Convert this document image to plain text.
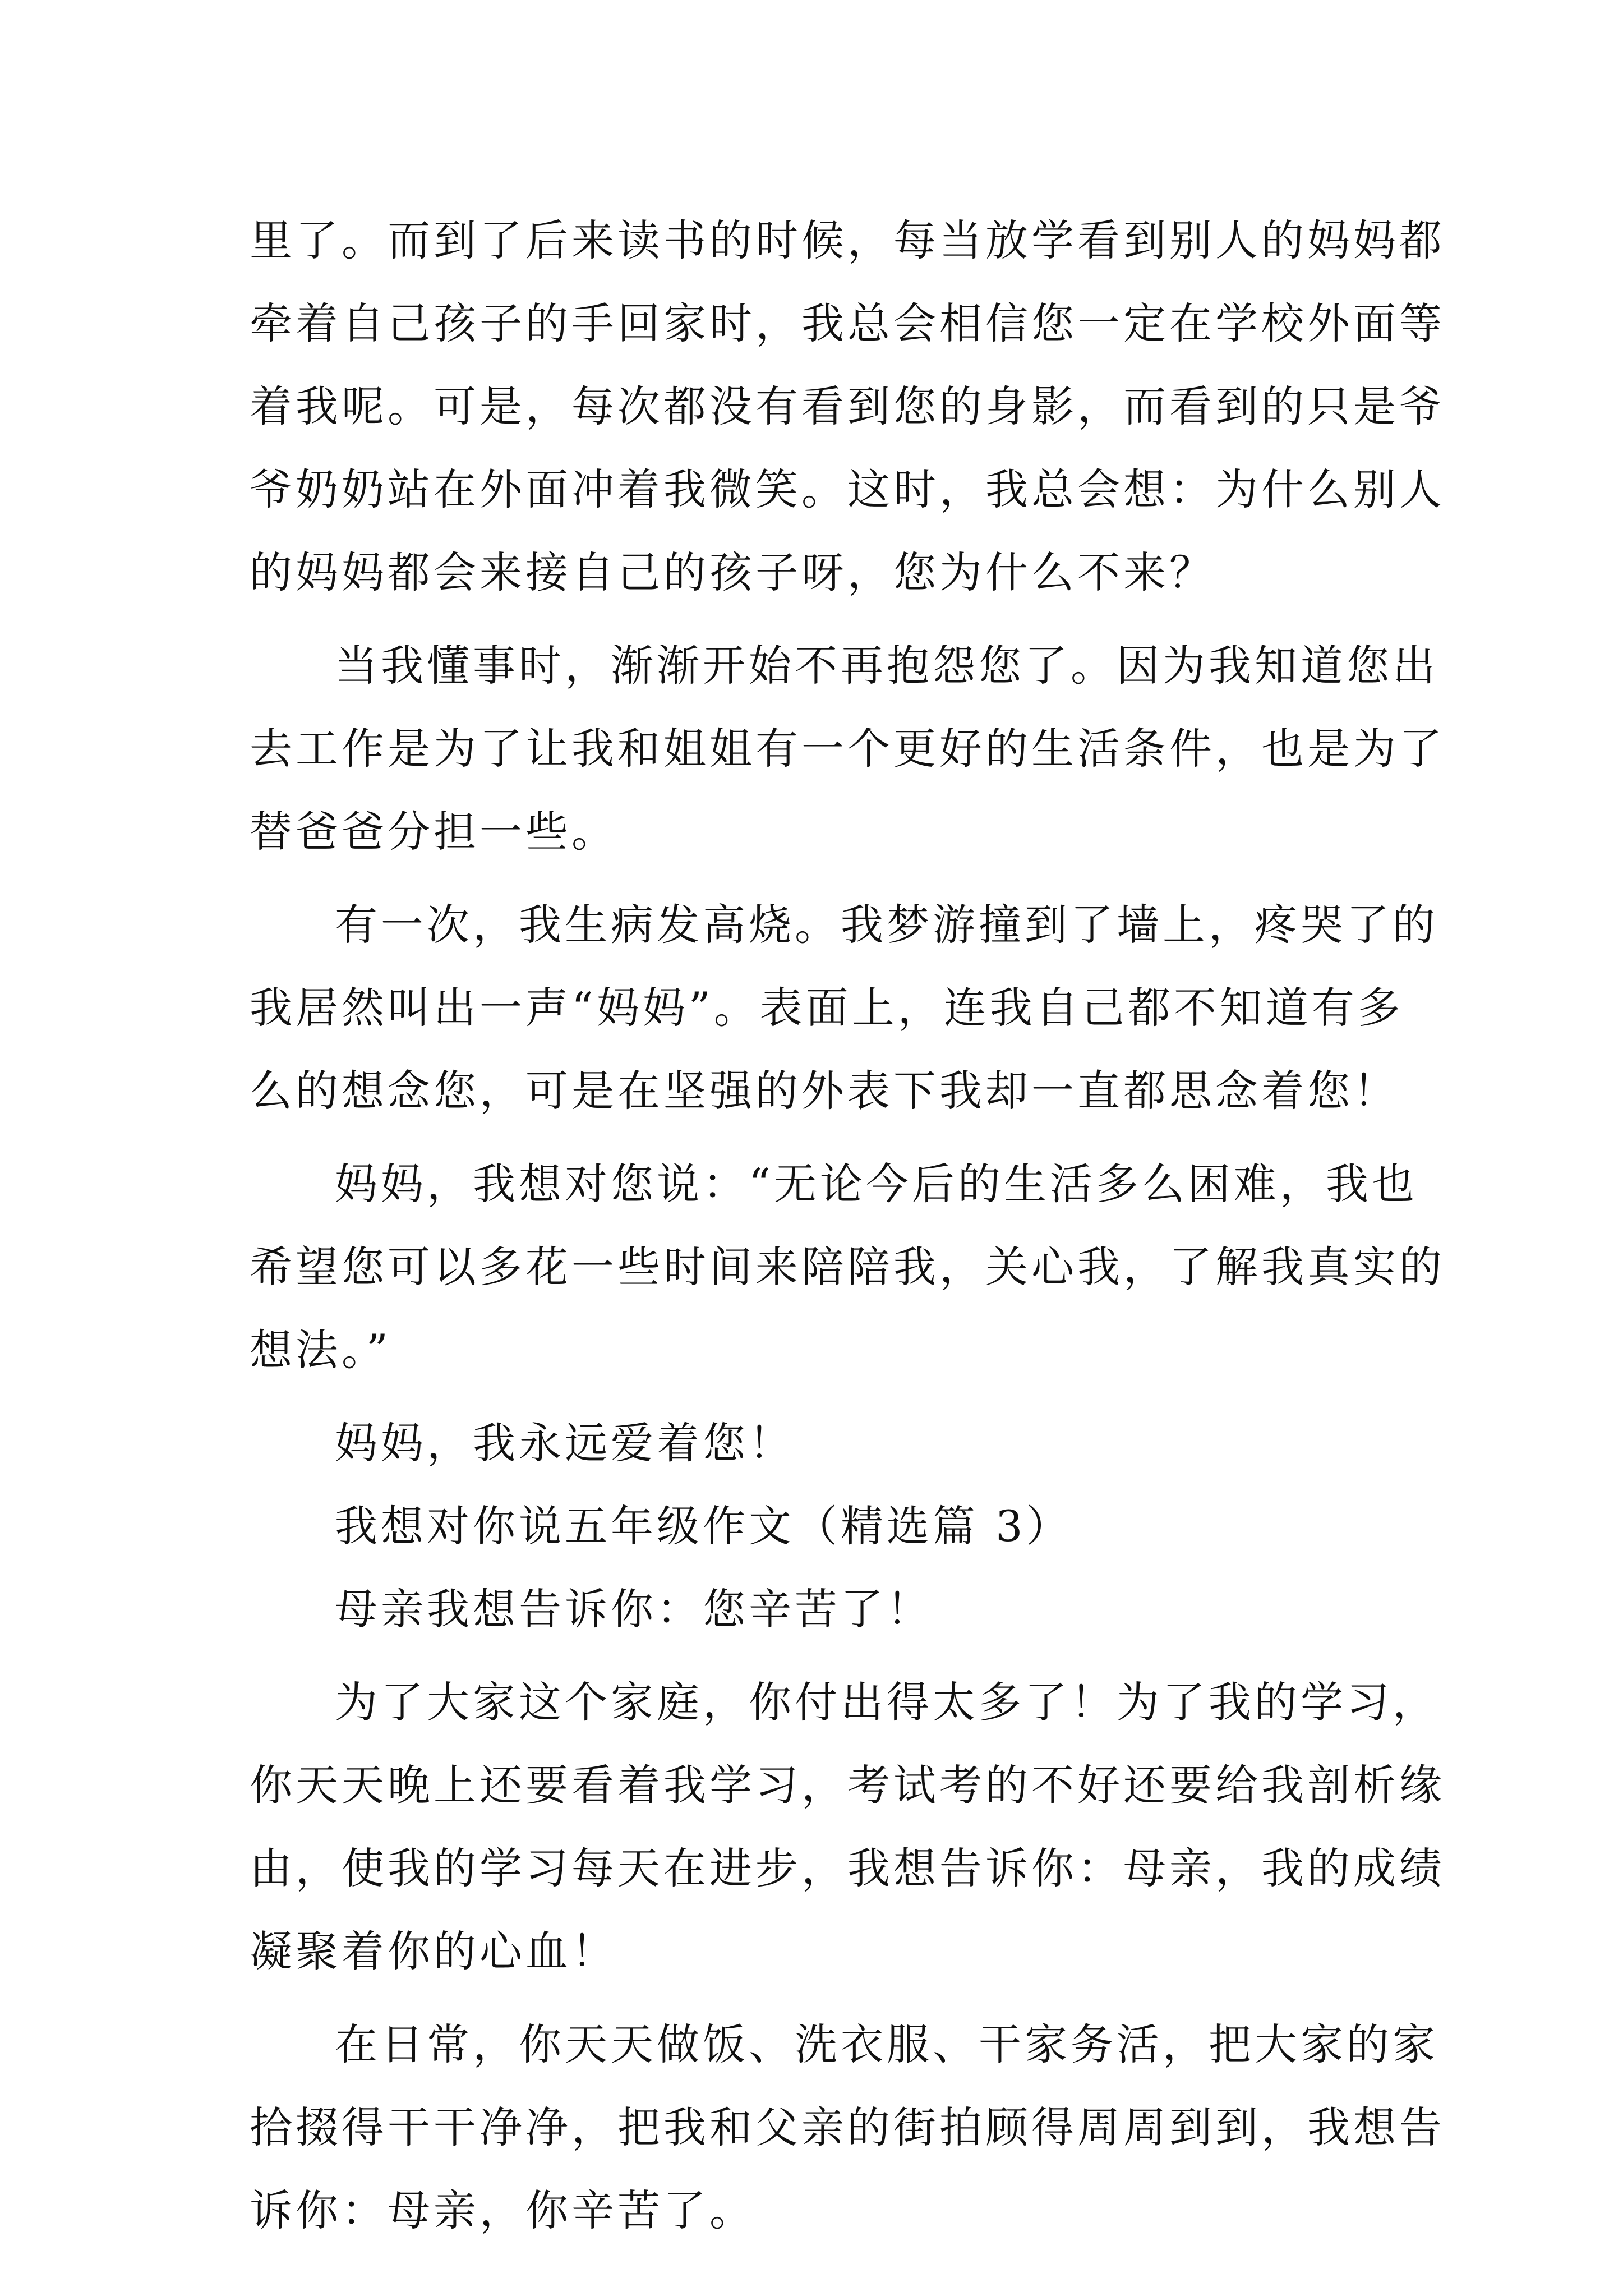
里了。而到了后来读书的时候，每当放学看到别人的妈妈都
牵着自己孩子的手回家时，我总会相信您一定在学校外面等
着我呢。可是，每次都没有看到您的身影，而看到的只是爷
爷奶奶站在外面冲着我微笑。这时，我总会想：为什么别人
的妈妈都会来接自己的孩子呀，您为什么不来？
当我懂事时，渐渐开始不再抱怨您了。因为我知道您出
去工作是为了让我和姐姐有一个更好的生活条件，也是为了
替爸爸分担一些。
有一次，我生病发高烧。我梦游撞到了墙上，疼哭了的
我居然叫出一声“妈妈”。表面上，连我自己都不知道有多
么的想念您，可是在坚强的外表下我却一直都思念着您！
妈妈，我想对您说：“无论今后的生活多么困难，我也
希望您可以多花一些时间来陪陪我，关心我，了解我真实的
想法。”
妈妈，我永远爱着您！
我想对你说五年级作文（精选篇 3）
母亲我想告诉你：您辛苦了！
为了大家这个家庭，你付出得太多了！为了我的学习，
你天天晚上还要看着我学习，考试考的不好还要给我剖析缘
由，使我的学习每天在进步，我想告诉你：母亲，我的成绩
凝聚着你的心血！
在日常，你天天做饭、洗衣服、干家务活，把大家的家
拾掇得干干净净，把我和父亲的街拍顾得周周到到，我想告
诉你：母亲，你辛苦了。
